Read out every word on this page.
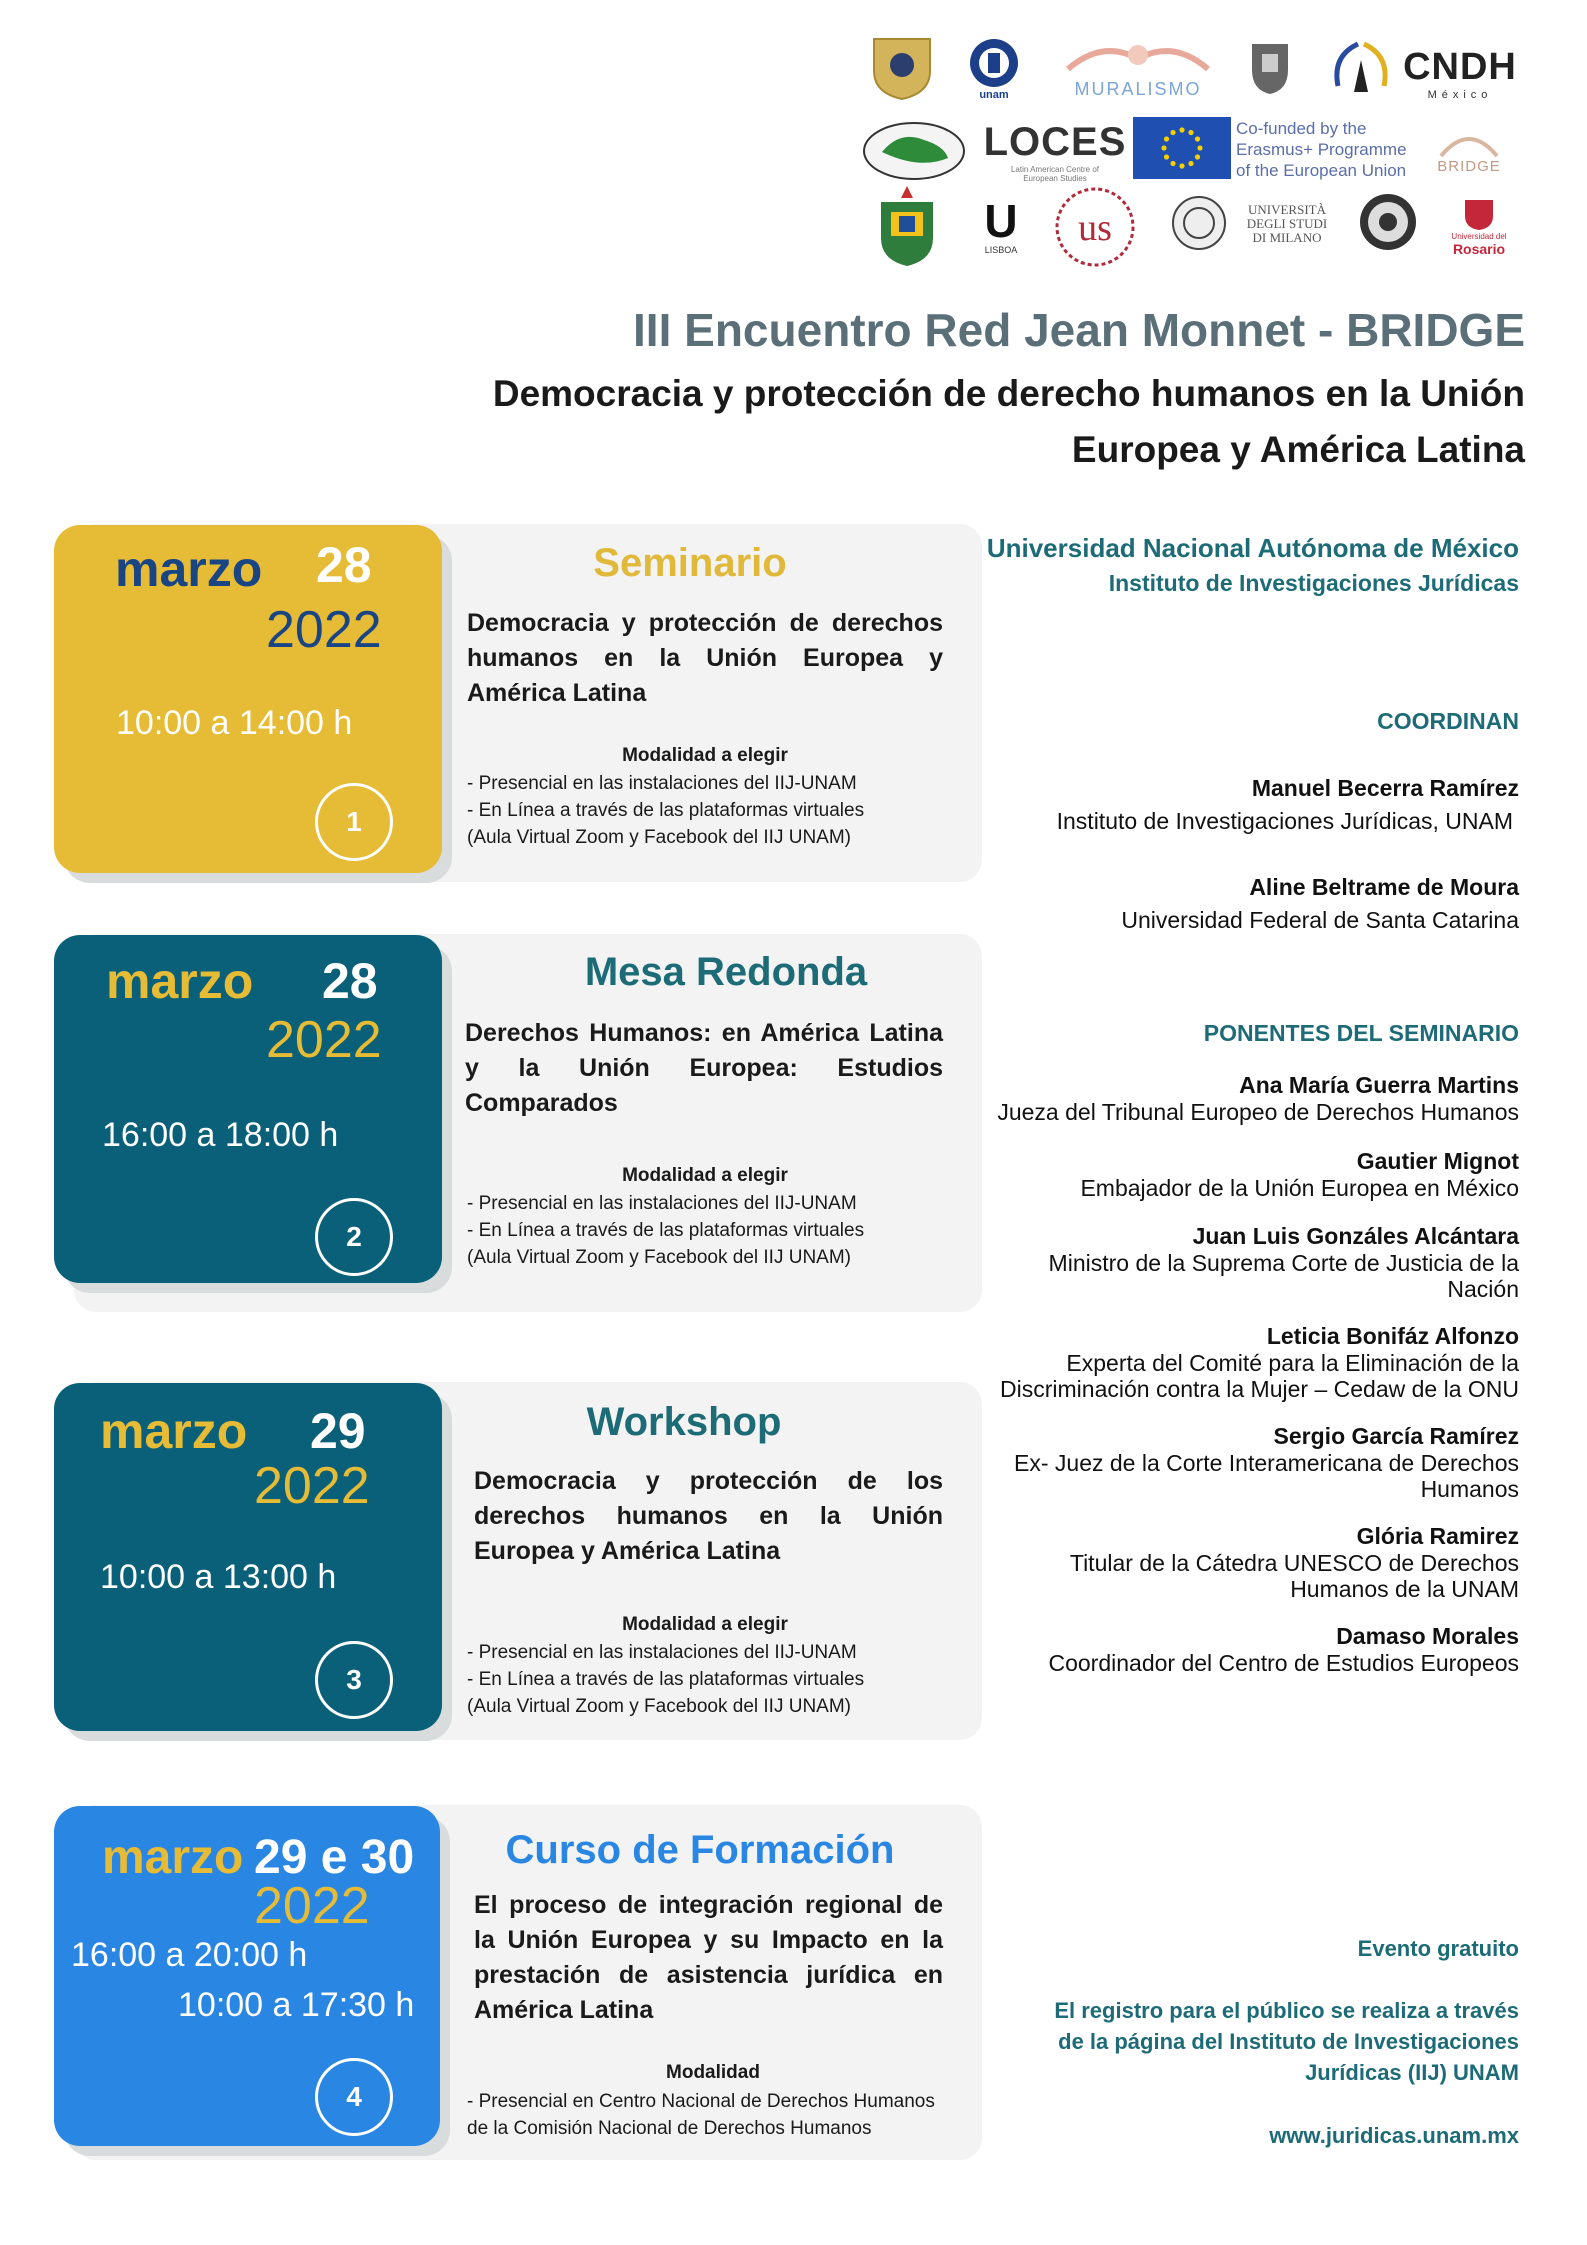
unam	MURALISMO
CNDH
México
LOCES
Latin American Centre of European Studies
Co-funded by the
Erasmus+ Programme
of the European Union BRIDGE
U
LISBOA
us	UNIVERSITÀ
DEGLI STUDI
DI MILANO	Universidad del
Rosario
III Encuentro Red Jean Monnet - BRIDGE
Democracia y protección de derecho humanos en la Unión Europea y América Latina
marzo 28
2022
10:00 a 14:00 h
1
Seminario
Democracia y protección de derechos humanos en la Unión Europea y América Latina
Modalidad a elegir
- Presencial en las instalaciones del IIJ-UNAM
- En Línea a través de las plataformas virtuales
(Aula Virtual Zoom y Facebook del IIJ UNAM)
marzo 28
2022
16:00 a 18:00 h
2
Mesa Redonda
Derechos Humanos: en América Latina y la Unión Europea: Estudios Comparados
Modalidad a elegir
- Presencial en las instalaciones del IIJ-UNAM
- En Línea a través de las plataformas virtuales
(Aula Virtual Zoom y Facebook del IIJ UNAM)
marzo 29
2022
10:00 a 13:00 h
3
Workshop
Democracia y protección de los derechos humanos en la Unión Europea y América Latina
Modalidad a elegir
- Presencial en las instalaciones del IIJ-UNAM
- En Línea a través de las plataformas virtuales
(Aula Virtual Zoom y Facebook del IIJ UNAM)
marzo 29 e 30
2022
16:00 a 20:00 h
10:00 a 17:30 h
4
Curso de Formación
El proceso de integración regional de la Unión Europea y su Impacto en la prestación de asistencia jurídica en América Latina
Modalidad
- Presencial en Centro Nacional de Derechos Humanos
de la Comisión Nacional de Derechos Humanos
Universidad Nacional Autónoma de México
Instituto de Investigaciones Jurídicas
COORDINAN
Manuel Becerra Ramírez
Instituto de Investigaciones Jurídicas, UNAM
Aline Beltrame de Moura
Universidad Federal de Santa Catarina
PONENTES DEL SEMINARIO
Ana María Guerra Martins
Jueza del Tribunal Europeo de Derechos Humanos
Gautier Mignot
Embajador de la Unión Europea en México
Juan Luis Gonzáles Alcántara
Ministro de la Suprema Corte de Justicia de la
Nación
Leticia Bonifáz Alfonzo
Experta del Comité para la Eliminación de la
Discriminación contra la Mujer – Cedaw de la ONU
Sergio García Ramírez
Ex- Juez de la Corte Interamericana de Derechos
Humanos
Glória Ramirez
Titular de la Cátedra UNESCO de Derechos
Humanos de la UNAM
Damaso Morales
Coordinador del Centro de Estudios Europeos
Evento gratuito
El registro para el público se realiza a través
de la página del Instituto de Investigaciones
Jurídicas (IIJ) UNAM
www.juridicas.unam.mx
